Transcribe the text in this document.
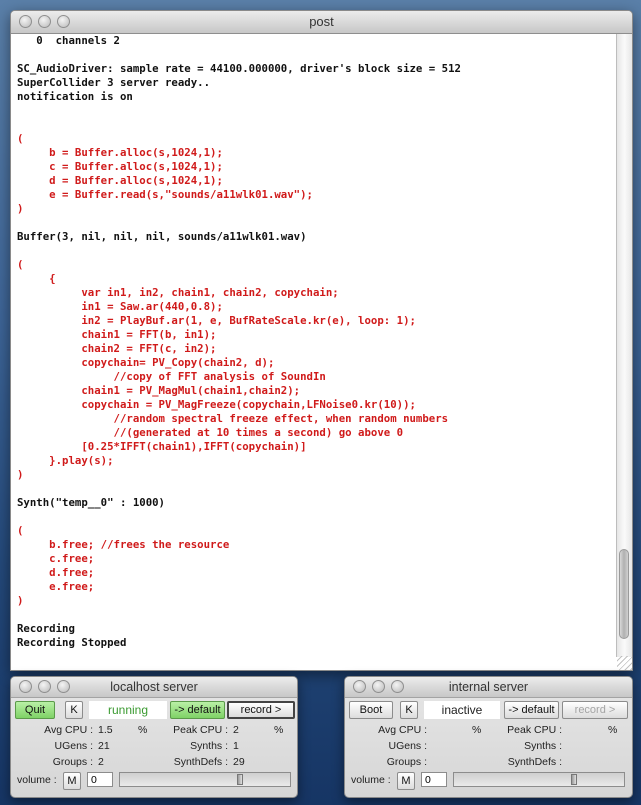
post
0  channels 2
SC_AudioDriver: sample rate = 44100.000000, driver's block size = 512
SuperCollider 3 server ready..
notification is on
(
b = Buffer.alloc(s,1024,1);
c = Buffer.alloc(s,1024,1);
d = Buffer.alloc(s,1024,1);
e = Buffer.read(s,"sounds/a11wlk01.wav");
)
Buffer(3, nil, nil, nil, sounds/a11wlk01.wav)
(
{
var in1, in2, chain1, chain2, copychain;
in1 = Saw.ar(440,0.8);
in2 = PlayBuf.ar(1, e, BufRateScale.kr(e), loop: 1);
chain1 = FFT(b, in1);
chain2 = FFT(c, in2);
copychain= PV_Copy(chain2, d);
//copy of FFT analysis of SoundIn
chain1 = PV_MagMul(chain1,chain2);
copychain = PV_MagFreeze(copychain,LFNoise0.kr(10));
//random spectral freeze effect, when random numbers
//(generated at 10 times a second) go above 0
[0.25*IFFT(chain1),IFFT(copychain)]
}.play(s);
)
Synth("temp__0" : 1000)
(
b.free; //frees the resource
c.free;
d.free;
e.free;
)
Recording
Recording Stopped
localhost server
Quit	K	running	-> default	record >
Avg CPU : 1.5	%	Peak CPU : 2	%
UGens : 21	Synths : 1
Groups : 2	SynthDefs : 29
volume : M	0
internal server
Boot	K	inactive	-> default	record >
Avg CPU :	%	Peak CPU :	%
UGens :	Synths :
Groups :	SynthDefs :
volume : M	0
